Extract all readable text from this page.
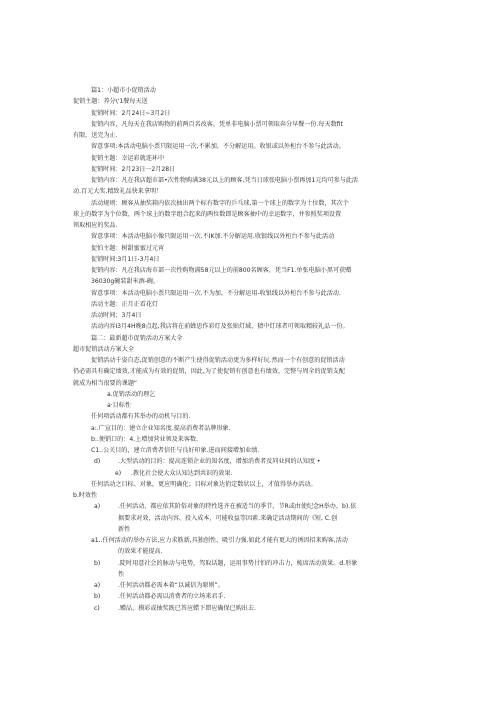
篇1：小超市小促销活动
促销主题：养分\'1餐每天送
促销时间：2月24日~3月2日
促销内容，凡每天在我店购物的前两百名改客，凭单非电脑小票可领取奔分早餐一份.每天数fit
有限，送完为止.
留意事项:本活动电脑小票只限运用一次,不累加，不分解运用。收银或以外柜台不参与此活动。
促销主题：幸运彩就连环中
促销时间：2月23日一2月28日
促销内容：凡在我店超市部•次性物购满38元以上的顾客,凭当日球张电脑小票再加1元均可参与此活
动.百元大奖.精致礼品快来拿明！
活动规则：顾客从抽奖箱内依次抽出两个标有数字的乒乓球,第一个球上的数字为十位数，其次个
球上的数字为个位数，两个球上的数字组合起来的两位数即是顾客抽中的幸运数字，并参照奖项设置
领取相应的奖品.
留意事项：本活动电脑小像只限运用一次.不IK加.不分解运用.收银线以外柜台不参与此活动
促怕主题：树甜蜜蜜过元宵
促销时间:3月1日-3月4日
促销内容：凡在我店海市部一次性购物满58元以上的前800名顾客，凭当F1.单张电脑小黑可获赠
36030g碗装甜米酒-碗。
留意事项：本活动电脑小票只限运用一次.不为加，不分解运用-收银线以外柜台不参与此活动.
活动主题：正月正看花灯
活动时间；3月4日
活动内容I3月4H晚8点起,我店将在前蜂思作彩灯及张贴灯域，猜中灯球者可领取精较礼品一份。
篇二：最新超市促销活动方案大全
超市促销活动方案大全
促销活动千姿自态,促销创意的不断产生使得促销活动更为多样好玩.然而一个有创意的促销活动
仍必需具有确定绩效,才能成为有效的促销，因此,为了使促销有创意也有绩效，完整与周全的促销支配
就成为相当很要的课题“
a.促销活动的理乞
a·目标性
任何项活动都有其举办的动机与目的.
a:.广宣目的：建立企业知名度.提高消费者品牌形象.
b:.便销口的：4.上增加营业领及来客数.
C1..公关目的，建立消费者信任与良好印象.进而间接增加业绩.
d)	.大型活动的目的：提高连锁企业的知名度，增加消费者及同业间的认知度 •
e) .教化社会使大众认知达到共识的效果.
任何活动之目标、对象，更应明确化；目标对象达俏定数状以上，才值得举办活动。
b.时效性
a)	.任何活动，都应依其阶俗对象的特性选齐在被适当的季节、节R或由使纪念H举办，b).依
据要求对效，活动内容、投入成本，可能收益等因素.来确定活动期间的《短, C.创
新性
a1..任何活动的举办方法,应力求筋新,具独创性、吸引力强.如此才能有更大的诱因招来购客,活动
的效果才能提高.
b)	.陡时用意社会的脉动与电势，驾取话题，运用事势甘怕的冲击力，梳席活动效果。d.形象
性
a)	.任何活动都必需本着“以诚信为原则”。
b)	.任何活动都必需以消费者的立场来君手.
c)	.赠品、摸彩或抽奖既已答应蜡下即应确保已购出去.
